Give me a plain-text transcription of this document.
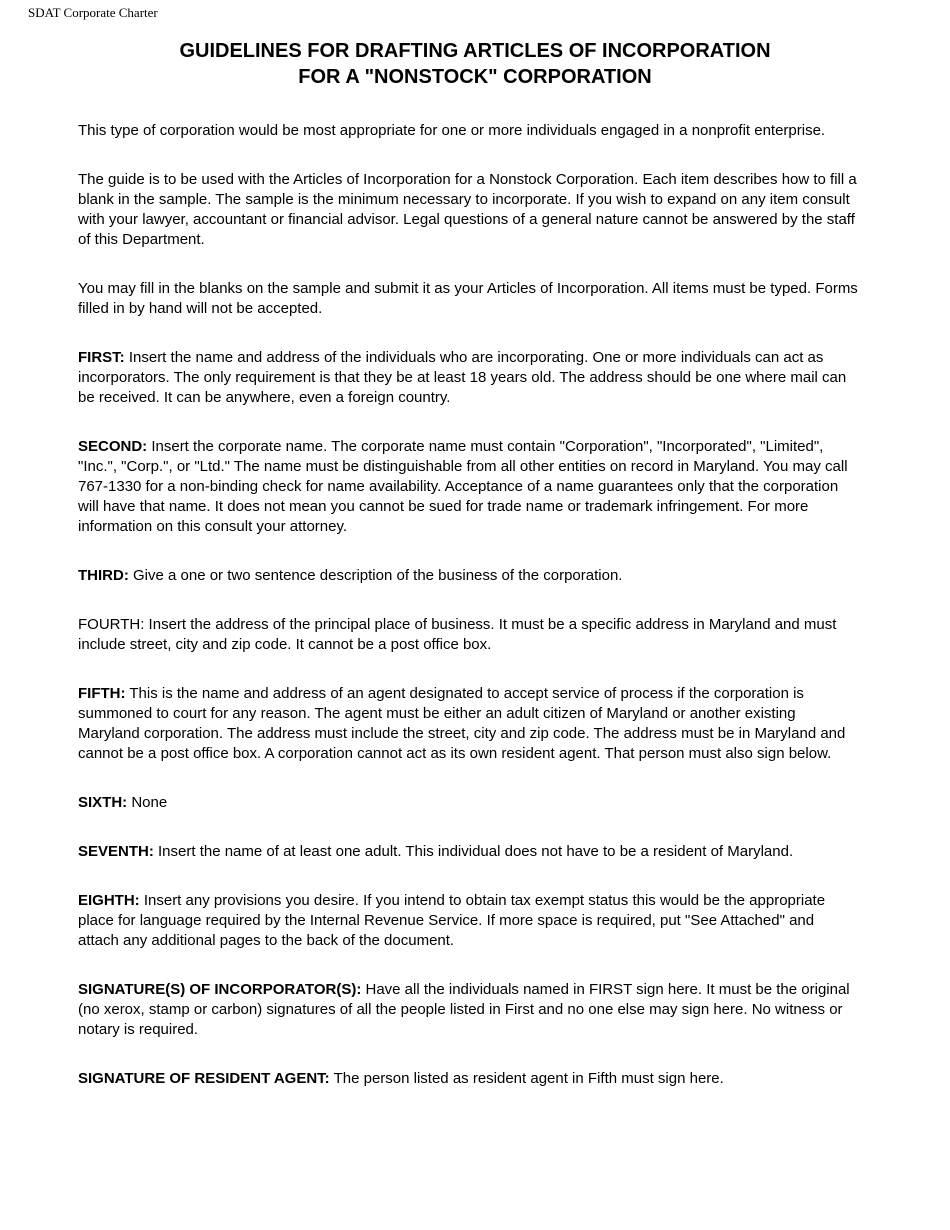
SDAT Corporate Charter
GUIDELINES FOR DRAFTING ARTICLES OF INCORPORATION
FOR A "NONSTOCK" CORPORATION

This type of corporation would be most appropriate for one or more individuals engaged in a nonprofit enterprise.

The guide is to be used with the Articles of Incorporation for a Nonstock Corporation. Each item describes how to fill a blank in the sample. The sample is the minimum necessary to incorporate. If you wish to expand on any item consult with your lawyer, accountant or financial advisor. Legal questions of a general nature cannot be answered by the staff of this Department.

You may fill in the blanks on the sample and submit it as your Articles of Incorporation. All items must be typed. Forms filled in by hand will not be accepted.

FIRST: Insert the name and address of the individuals who are incorporating. One or more individuals can act as incorporators. The only requirement is that they be at least 18 years old. The address should be one where mail can be received. It can be anywhere, even a foreign country.

SECOND: Insert the corporate name. The corporate name must contain "Corporation", "Incorporated", "Limited", "Inc.", "Corp.", or "Ltd." The name must be distinguishable from all other entities on record in Maryland. You may call 767-1330 for a non-binding check for name availability. Acceptance of a name guarantees only that the corporation will have that name. It does not mean you cannot be sued for trade name or trademark infringement. For more information on this consult your attorney.

THIRD: Give a one or two sentence description of the business of the corporation.

FOURTH: Insert the address of the principal place of business. It must be a specific address in Maryland and must include street, city and zip code. It cannot be a post office box.

FIFTH: This is the name and address of an agent designated to accept service of process if the corporation is summoned to court for any reason. The agent must be either an adult citizen of Maryland or another existing Maryland corporation. The address must include the street, city and zip code. The address must be in Maryland and cannot be a post office box. A corporation cannot act as its own resident agent. That person must also sign below.

SIXTH: None

SEVENTH: Insert the name of at least one adult. This individual does not have to be a resident of Maryland.

EIGHTH: Insert any provisions you desire. If you intend to obtain tax exempt status this would be the appropriate place for language required by the Internal Revenue Service. If more space is required, put "See Attached" and attach any additional pages to the back of the document.

SIGNATURE(S) OF INCORPORATOR(S): Have all the individuals named in FIRST sign here. It must be the original (no xerox, stamp or carbon) signatures of all the people listed in First and no one else may sign here. No witness or notary is required.

SIGNATURE OF RESIDENT AGENT: The person listed as resident agent in Fifth must sign here.
